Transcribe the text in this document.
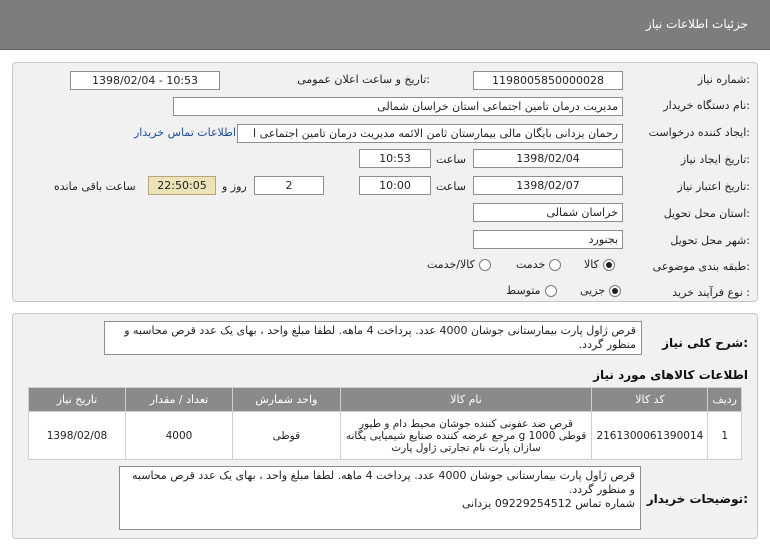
جزئیات اطلاعات نیاز
شماره نیاز:
1198005850000028
تاریخ و ساعت اعلان عمومی:
1398/02/04 - 10:53
نام دستگاه خریدار:
مدیریت درمان تامین اجتماعی استان خراسان شمالی
ایجاد کننده درخواست:
رحمان یزدانی بایگان مالی بیمارستان ثامن الائمه مدیریت درمان تامین اجتماعی ا
اطلاعات تماس خریدار
تاریخ ایجاد نیاز:
1398/02/04
ساعت
10:53
تاریخ اعتبار نیاز:
1398/02/07
ساعت
10:00
2
روز و
22:50:05
ساعت باقی مانده
استان محل تحویل:
خراسان شمالی
شهر محل تحویل:
بجنورد
طبقه بندی موضوعی:
کالا
خدمت
کالا/خدمت
نوع فرآیند خرید :
جزیی
متوسط
شرح کلی نیاز:
قرص ژاول پارت بیمارستانی جوشان 4000 عدد. پرداخت 4 ماهه. لطفا مبلغ واحد ، بهای یک عدد قرص محاسبه و منظور گردد.
اطلاعات کالاهای مورد نیاز
ردیف	کد کالا	نام کالا	واحد شمارش	تعداد / مقدار	تاریخ نیاز
1	2161300061390014	قرص ضد عفونی کننده جوشان محیط دام و طیور قوطی 1000 g مرجع عرضه کننده صنایع شیمیایی یگانه سازان پارت نام تجارتی ژاول پارت	قوطی	4000	1398/02/08
توضیحات خریدار:
قرص ژاول پارت بیمارستانی جوشان 4000 عدد. پرداخت 4 ماهه. لطفا مبلغ واحد ، بهای یک عدد قرص محاسبه و منظور گردد.
شماره تماس 09229254512 یزدانی
